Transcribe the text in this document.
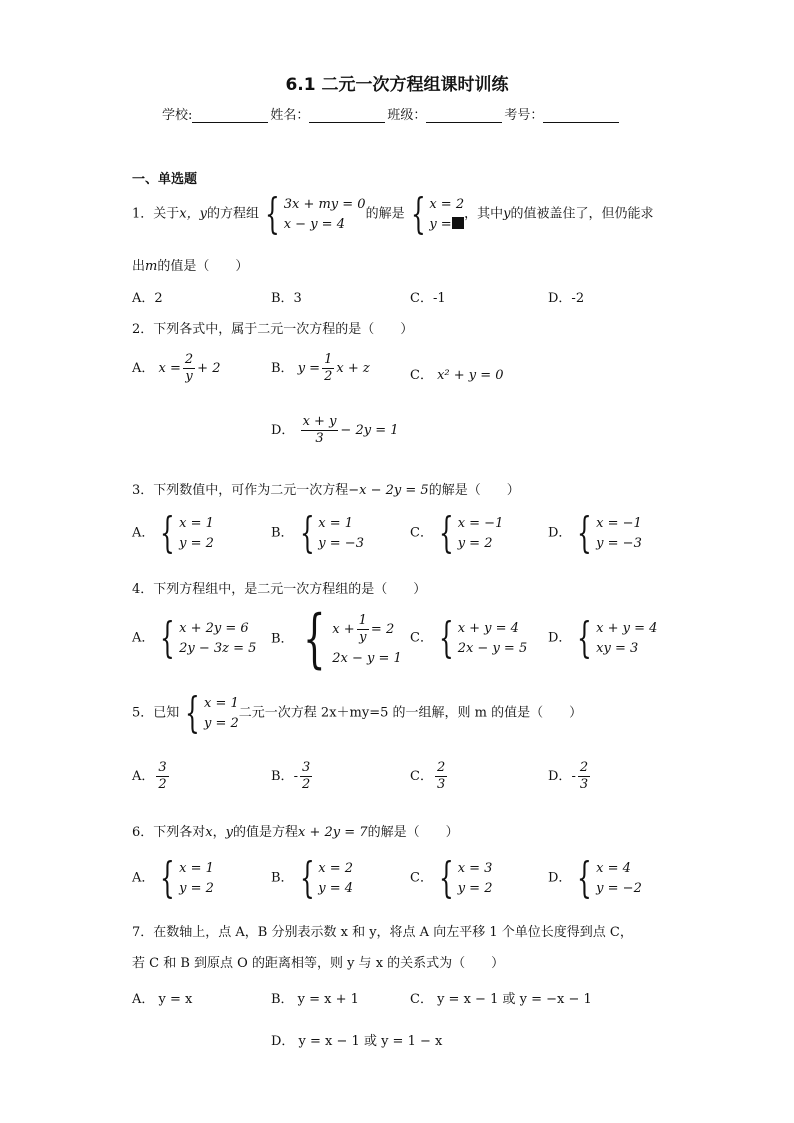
6.1 二元一次方程组课时训练
学校:	姓名：	班级：	考号：
一、单选题
1．关于x，y的方程组 { 3x + my = 0
x − y = 4
的解是 { x = 2
y =
，其中y的值被盖住了，但仍能求
出m的值是（　　）
A．2	B．3	C．-1	D．-2
2．下列各式中，属于二元一次方程的是（　　）
A． $x = \frac{2}{y} + 2$	B． $y = \frac{1}{2}$ x + z	C． x² + y = 0
D． $\frac{x + y}{3} - 2y = 1$
3．下列数值中，可作为二元一次方程−x − 2y = 5的解是（　　）
A． { x = 1
y = 2
B． { x = 1
y = −3
C． { x = −1
y = 2
D． { x = −1
y = −3
4．下列方程组中，是二元一次方程组的是（　　）
A． { x + 2y = 6
2y − 3z = 5
B． { $x + \frac{1}{y} = 2$
2x − y = 1
C． { x + y = 4
2x − y = 5
D． { x + y = 4
xy = 3
5．已知 { x = 1
y = 2
二元一次方程 2x＋my=5 的一组解，则 m 的值是（　　）
A． $\frac{3}{2}$	B．- $\frac{3}{2}$	C． $\frac{2}{3}$	D．- $\frac{2}{3}$
6．下列各对x，y的值是方程x + 2y = 7的解是（　　）
A． { x = 1
y = 2
B． { x = 2
y = 4
C． { x = 3
y = 2
D． { x = 4
y = −2
7．在数轴上，点 A，B 分别表示数 x 和 y，将点 A 向左平移 1 个单位长度得到点 C，
若 C 和 B 到原点 O 的距离相等，则 y 与 x 的关系式为（　　）
A． y = x	B． y = x + 1	C． y = x − 1 或 y = −x − 1
D． y = x − 1 或 y = 1 − x
